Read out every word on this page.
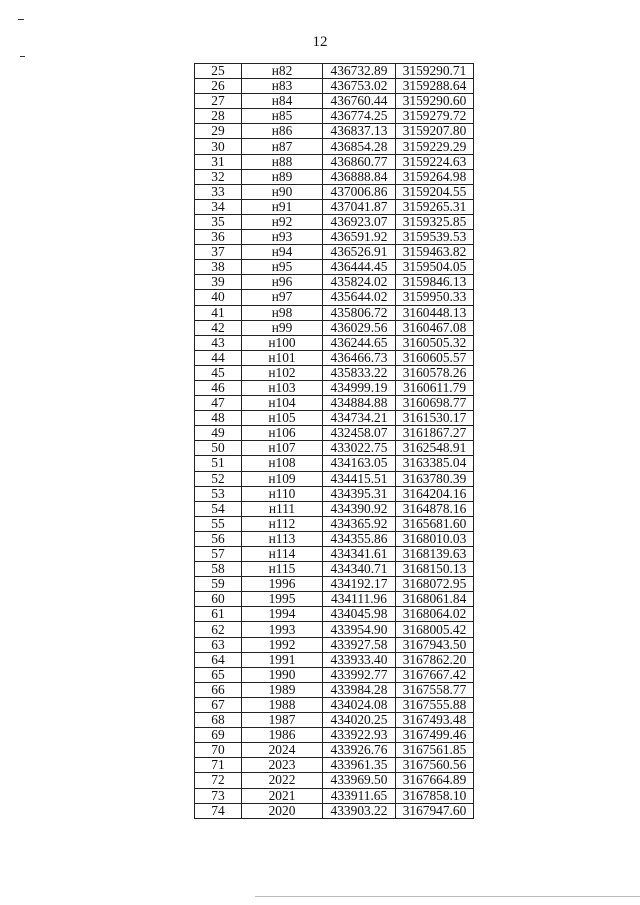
12
25	н82	436732.89	3159290.71
26	н83	436753.02	3159288.64
27	н84	436760.44	3159290.60
28	н85	436774.25	3159279.72
29	н86	436837.13	3159207.80
30	н87	436854.28	3159229.29
31	н88	436860.77	3159224.63
32	н89	436888.84	3159264.98
33	н90	437006.86	3159204.55
34	н91	437041.87	3159265.31
35	н92	436923.07	3159325.85
36	н93	436591.92	3159539.53
37	н94	436526.91	3159463.82
38	н95	436444.45	3159504.05
39	н96	435824.02	3159846.13
40	н97	435644.02	3159950.33
41	н98	435806.72	3160448.13
42	н99	436029.56	3160467.08
43	н100	436244.65	3160505.32
44	н101	436466.73	3160605.57
45	н102	435833.22	3160578.26
46	н103	434999.19	3160611.79
47	н104	434884.88	3160698.77
48	н105	434734.21	3161530.17
49	н106	432458.07	3161867.27
50	н107	433022.75	3162548.91
51	н108	434163.05	3163385.04
52	н109	434415.51	3163780.39
53	н110	434395.31	3164204.16
54	н111	434390.92	3164878.16
55	н112	434365.92	3165681.60
56	н113	434355.86	3168010.03
57	н114	434341.61	3168139.63
58	н115	434340.71	3168150.13
59	1996	434192.17	3168072.95
60	1995	434111.96	3168061.84
61	1994	434045.98	3168064.02
62	1993	433954.90	3168005.42
63	1992	433927.58	3167943.50
64	1991	433933.40	3167862.20
65	1990	433992.77	3167667.42
66	1989	433984.28	3167558.77
67	1988	434024.08	3167555.88
68	1987	434020.25	3167493.48
69	1986	433922.93	3167499.46
70	2024	433926.76	3167561.85
71	2023	433961.35	3167560.56
72	2022	433969.50	3167664.89
73	2021	433911.65	3167858.10
74	2020	433903.22	3167947.60
